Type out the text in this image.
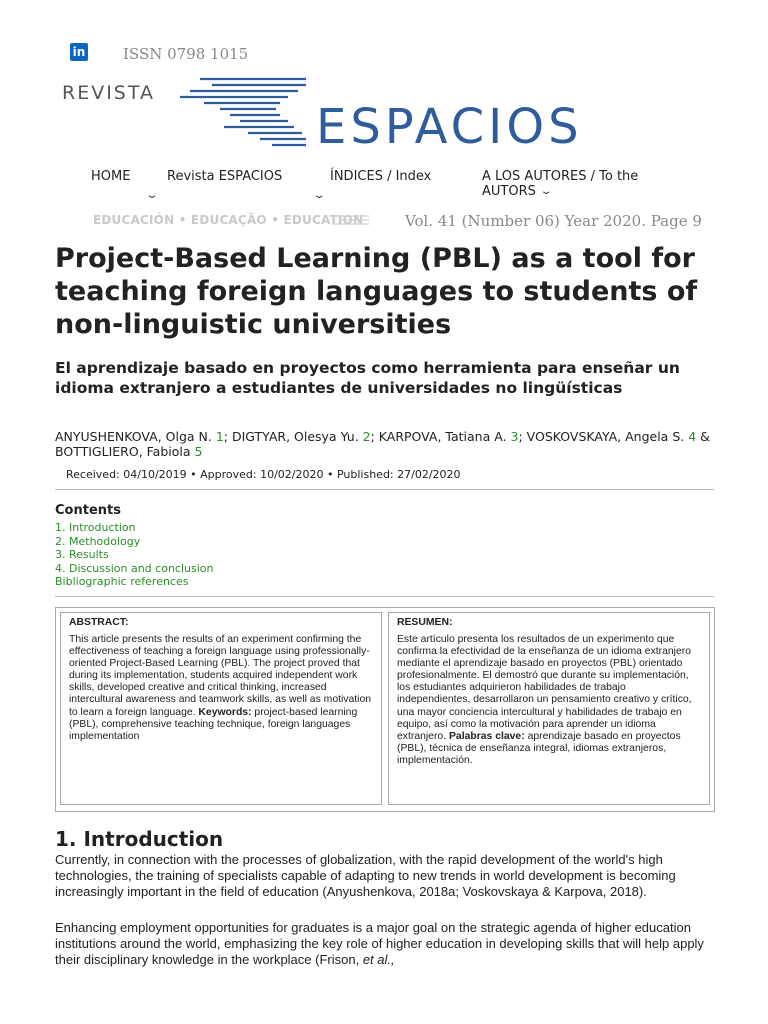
in	ISSN 0798 1015
REVISTA
ESPACIOS
HOME	Revista ESPACIOS
⌄
ÍNDICES / Index
⌄
A LOS AUTORES / To the AUTORS ⌄
EDUCACIÓN • EDUCAÇÃO • EDUCATION	Vol. 41 (Number 06) Year 2020. Page 9
Project-Based Learning (PBL) as a tool for teaching foreign languages to students of non-linguistic universities
El aprendizaje basado en proyectos como herramienta para enseñar un idioma extranjero a estudiantes de universidades no lingüísticas
ANYUSHENKOVA, Olga N. 1; DIGTYAR, Olesya Yu. 2; KARPOVA, Tatiana A. 3; VOSKOVSKAYA, Angela S. 4 & BOTTIGLIERO, Fabiola 5
Received: 04/10/2019 • Approved: 10/02/2020 • Published: 27/02/2020
Contents
1. Introduction
2. Methodology
3. Results
4. Discussion and conclusion
Bibliographic references
ABSTRACT:

This article presents the results of an experiment confirming the effectiveness of teaching a foreign language using professionally-oriented Project-Based Learning (PBL). The project proved that during its implementation, students acquired independent work skills, developed creative and critical thinking, increased intercultural awareness and teamwork skills, as well as motivation to learn a foreign language. Keywords: project-based learning (PBL), comprehensive teaching technique, foreign languages implementation

RESUMEN:

Este artículo presenta los resultados de un experimento que confirma la efectividad de la enseñanza de un idioma extranjero mediante el aprendizaje basado en proyectos (PBL) orientado profesionalmente. El demostró que durante su implementación, los estudiantes adquirieron habilidades de trabajo independientes, desarrollaron un pensamiento creativo y crítico, una mayor conciencia intercultural y habilidades de trabajo en equipo, así como la motivación para aprender un idioma extranjero. Palabras clave: aprendizaje basado en proyectos (PBL), técnica de enseñanza integral, idiomas extranjeros, implementación.

1. Introduction

Currently, in connection with the processes of globalization, with the rapid development of the world's high technologies, the training of specialists capable of adapting to new trends in world development is becoming increasingly important in the field of education (Anyushenkova, 2018a; Voskovskaya & Karpova, 2018).

Enhancing employment opportunities for graduates is a major goal on the strategic agenda of higher education institutions around the world, emphasizing the key role of higher education in developing skills that will help apply their disciplinary knowledge in the workplace (Frison, et al.,
